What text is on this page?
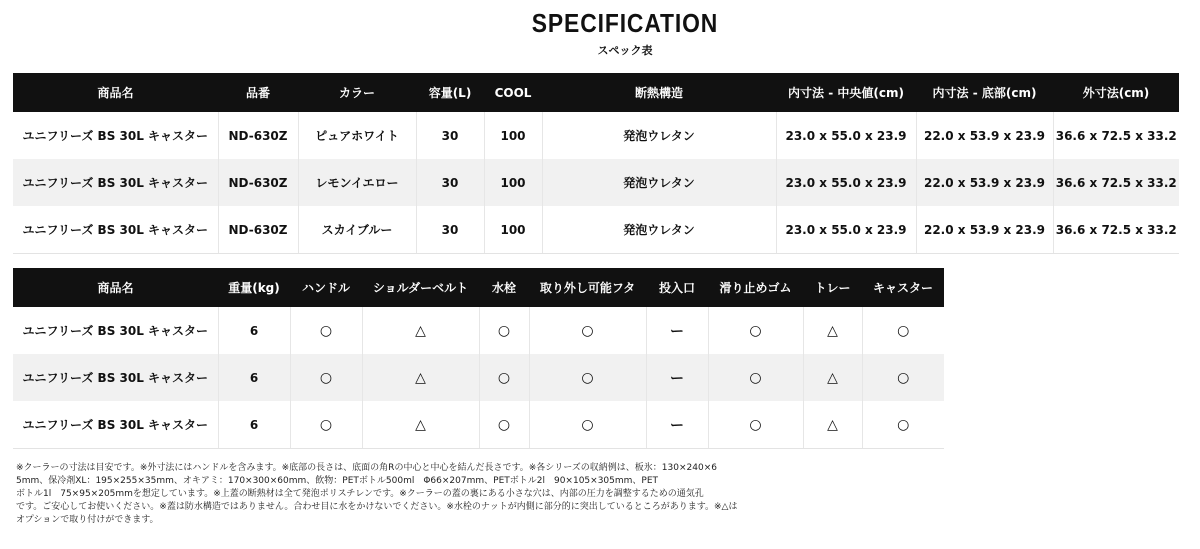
SPECIFICATION
スペック表
商品名	品番	カラー	容量(L)	COOL	断熱構造	内寸法 - 中央値(cm)	内寸法 - 底部(cm)	外寸法(cm)
ユニフリーズ BS 30L キャスター	ND-630Z	ピュアホワイト	30	100	発泡ウレタン	23.0 x 55.0 x 23.9	22.0 x 53.9 x 23.9	36.6 x 72.5 x 33.2
ユニフリーズ BS 30L キャスター	ND-630Z	レモンイエロー	30	100	発泡ウレタン	23.0 x 55.0 x 23.9	22.0 x 53.9 x 23.9	36.6 x 72.5 x 33.2
ユニフリーズ BS 30L キャスター	ND-630Z	スカイブルー	30	100	発泡ウレタン	23.0 x 55.0 x 23.9	22.0 x 53.9 x 23.9	36.6 x 72.5 x 33.2
商品名	重量(kg)	ハンドル	ショルダーベルト	水栓	取り外し可能フタ	投入口	滑り止めゴム	トレー	キャスター
ユニフリーズ BS 30L キャスター	6	○	△	○	○	ー	○	△	○
ユニフリーズ BS 30L キャスター	6	○	△	○	○	ー	○	△	○
ユニフリーズ BS 30L キャスター	6	○	△	○	○	ー	○	△	○
※クーラーの寸法は目安です。※外寸法にはハンドルを含みます。※底部の長さは、底面の角Rの中心と中心を結んだ長さです。※各シリーズの収納例は、板氷：130×240×6
5mm、保冷剤XL：195×255×35mm、オキアミ：170×300×60mm、飲物：PETボトル500ml　Φ66×207mm、PETボトル2l　90×105×305mm、PET
ボトル1l　75×95×205mmを想定しています。※上蓋の断熱材は全て発泡ポリスチレンです。※クーラーの蓋の裏にある小さな穴は、内部の圧力を調整するための通気孔
です。ご安心してお使いください。※蓋は防水構造ではありません。合わせ目に水をかけないでください。※水栓のナットが内側に部分的に突出しているところがあります。※△は
オプションで取り付けができます。
